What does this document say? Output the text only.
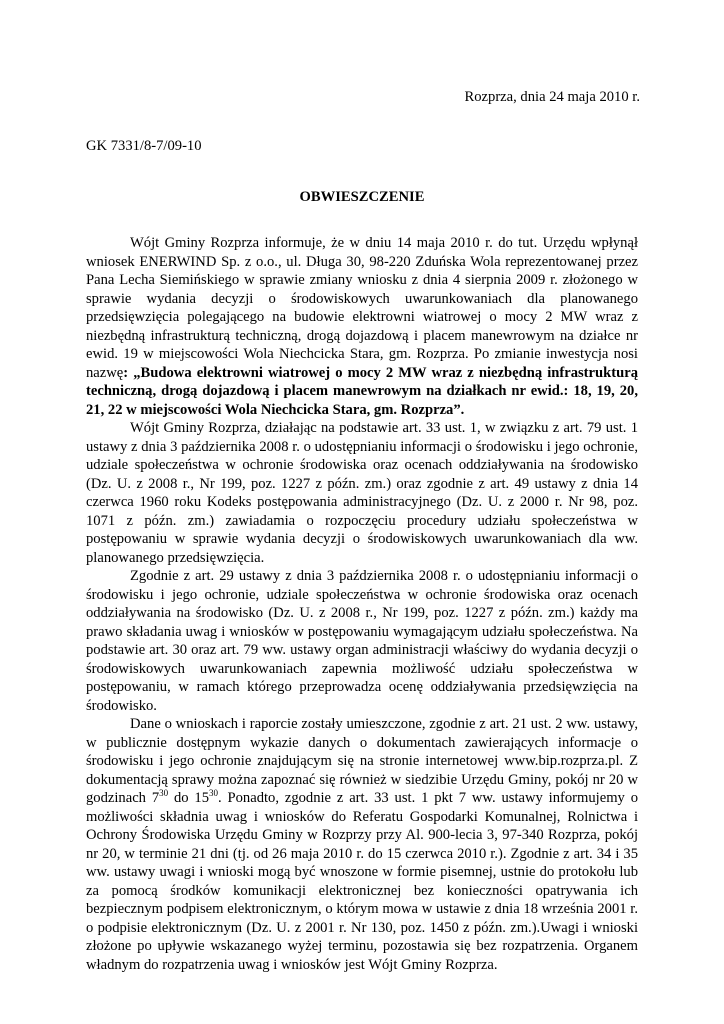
Rozprza, dnia 24 maja 2010 r.
GK 7331/8-7/09-10
OBWIESZCZENIE

Wójt Gminy Rozprza informuje, że w dniu 14 maja 2010 r. do tut. Urzędu wpłynął wniosek ENERWIND Sp. z o.o., ul. Długa 30, 98-220 Zduńska Wola reprezentowanej przez Pana Lecha Siemińskiego w sprawie zmiany wniosku z dnia 4 sierpnia 2009 r. złożonego w sprawie wydania decyzji o środowiskowych uwarunkowaniach dla planowanego przedsięwzięcia polegającego na budowie elektrowni wiatrowej o mocy 2 MW wraz z niezbędną infrastrukturą techniczną, drogą dojazdową i placem manewrowym na działce nr ewid. 19 w miejscowości Wola Niechcicka Stara, gm. Rozprza. Po zmianie inwestycja nosi nazwę: „Budowa elektrowni wiatrowej o mocy 2 MW wraz z niezbędną infrastrukturą techniczną, drogą dojazdową i placem manewrowym na działkach nr ewid.: 18, 19, 20, 21, 22 w miejscowości Wola Niechcicka Stara, gm. Rozprza”.

Wójt Gminy Rozprza, działając na podstawie art. 33 ust. 1, w związku z art. 79 ust. 1 ustawy z dnia 3 października 2008 r. o udostępnianiu informacji o środowisku i jego ochronie, udziale społeczeństwa w ochronie środowiska oraz ocenach oddziaływania na środowisko (Dz. U. z 2008 r., Nr 199, poz. 1227 z późn. zm.) oraz zgodnie z art. 49 ustawy z dnia 14 czerwca 1960 roku Kodeks postępowania administracyjnego (Dz. U. z 2000 r. Nr 98, poz. 1071 z późn. zm.) zawiadamia o rozpoczęciu procedury udziału społeczeństwa w postępowaniu w sprawie wydania decyzji o środowiskowych uwarunkowaniach dla ww. planowanego przedsięwzięcia.

Zgodnie z art. 29 ustawy z dnia 3 października 2008 r. o udostępnianiu informacji o środowisku i jego ochronie, udziale społeczeństwa w ochronie środowiska oraz ocenach oddziaływania na środowisko (Dz. U. z 2008 r., Nr 199, poz. 1227 z późn. zm.) każdy ma prawo składania uwag i wniosków w postępowaniu wymagającym udziału społeczeństwa. Na podstawie art. 30 oraz art. 79 ww. ustawy organ administracji właściwy do wydania decyzji o środowiskowych uwarunkowaniach zapewnia możliwość udziału społeczeństwa w postępowaniu, w ramach którego przeprowadza ocenę oddziaływania przedsięwzięcia na środowisko.

Dane o wnioskach i raporcie zostały umieszczone, zgodnie z art. 21 ust. 2 ww. ustawy, w publicznie dostępnym wykazie danych o dokumentach zawierających informacje o środowisku i jego ochronie znajdującym się na stronie internetowej www.bip.rozprza.pl. Z dokumentacją sprawy można zapoznać się również w siedzibie Urzędu Gminy, pokój nr 20 w godzinach $7^{30}$ do $15^{30}$. Ponadto, zgodnie z art. 33 ust. 1 pkt 7 ww. ustawy informujemy o możliwości składnia uwag i wniosków do Referatu Gospodarki Komunalnej, Rolnictwa i Ochrony Środowiska Urzędu Gminy w Rozprzy przy Al. 900-lecia 3, 97-340 Rozprza, pokój nr 20, w terminie 21 dni (tj. od 26 maja 2010 r. do 15 czerwca 2010 r.). Zgodnie z art. 34 i 35 ww. ustawy uwagi i wnioski mogą być wnoszone w formie pisemnej, ustnie do protokołu lub za pomocą środków komunikacji elektronicznej bez konieczności opatrywania ich bezpiecznym podpisem elektronicznym, o którym mowa w ustawie z dnia 18 września 2001 r. o podpisie elektronicznym (Dz. U. z 2001 r. Nr 130, poz. 1450 z późn. zm.).Uwagi i wnioski złożone po upływie wskazanego wyżej terminu, pozostawia się bez rozpatrzenia. Organem władnym do rozpatrzenia uwag i wniosków jest Wójt Gminy Rozprza.
